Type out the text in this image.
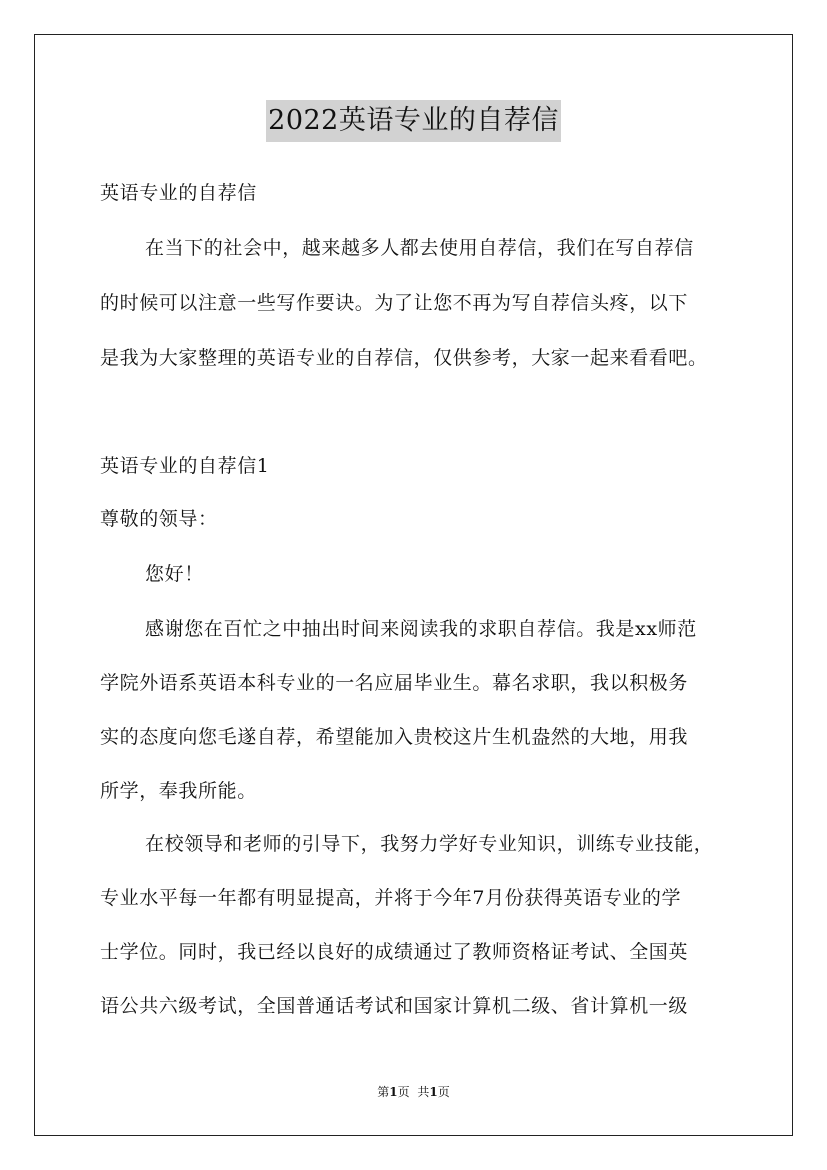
2022英语专业的自荐信
英语专业的自荐信
在当下的社会中，越来越多人都去使用自荐信，我们在写自荐信
的时候可以注意一些写作要诀。为了让您不再为写自荐信头疼，以下
是我为大家整理的英语专业的自荐信，仅供参考，大家一起来看看吧。
英语专业的自荐信1
尊敬的领导：
您好！
感谢您在百忙之中抽出时间来阅读我的求职自荐信。我是xx师范
学院外语系英语本科专业的一名应届毕业生。幕名求职，我以积极务
实的态度向您毛遂自荐，希望能加入贵校这片生机盎然的大地，用我
所学，奉我所能。
在校领导和老师的引导下，我努力学好专业知识，训练专业技能，
专业水平每一年都有明显提高，并将于今年7月份获得英语专业的学
士学位。同时，我已经以良好的成绩通过了教师资格证考试、全国英
语公共六级考试，全国普通话考试和国家计算机二级、省计算机一级
第1页 共1页
